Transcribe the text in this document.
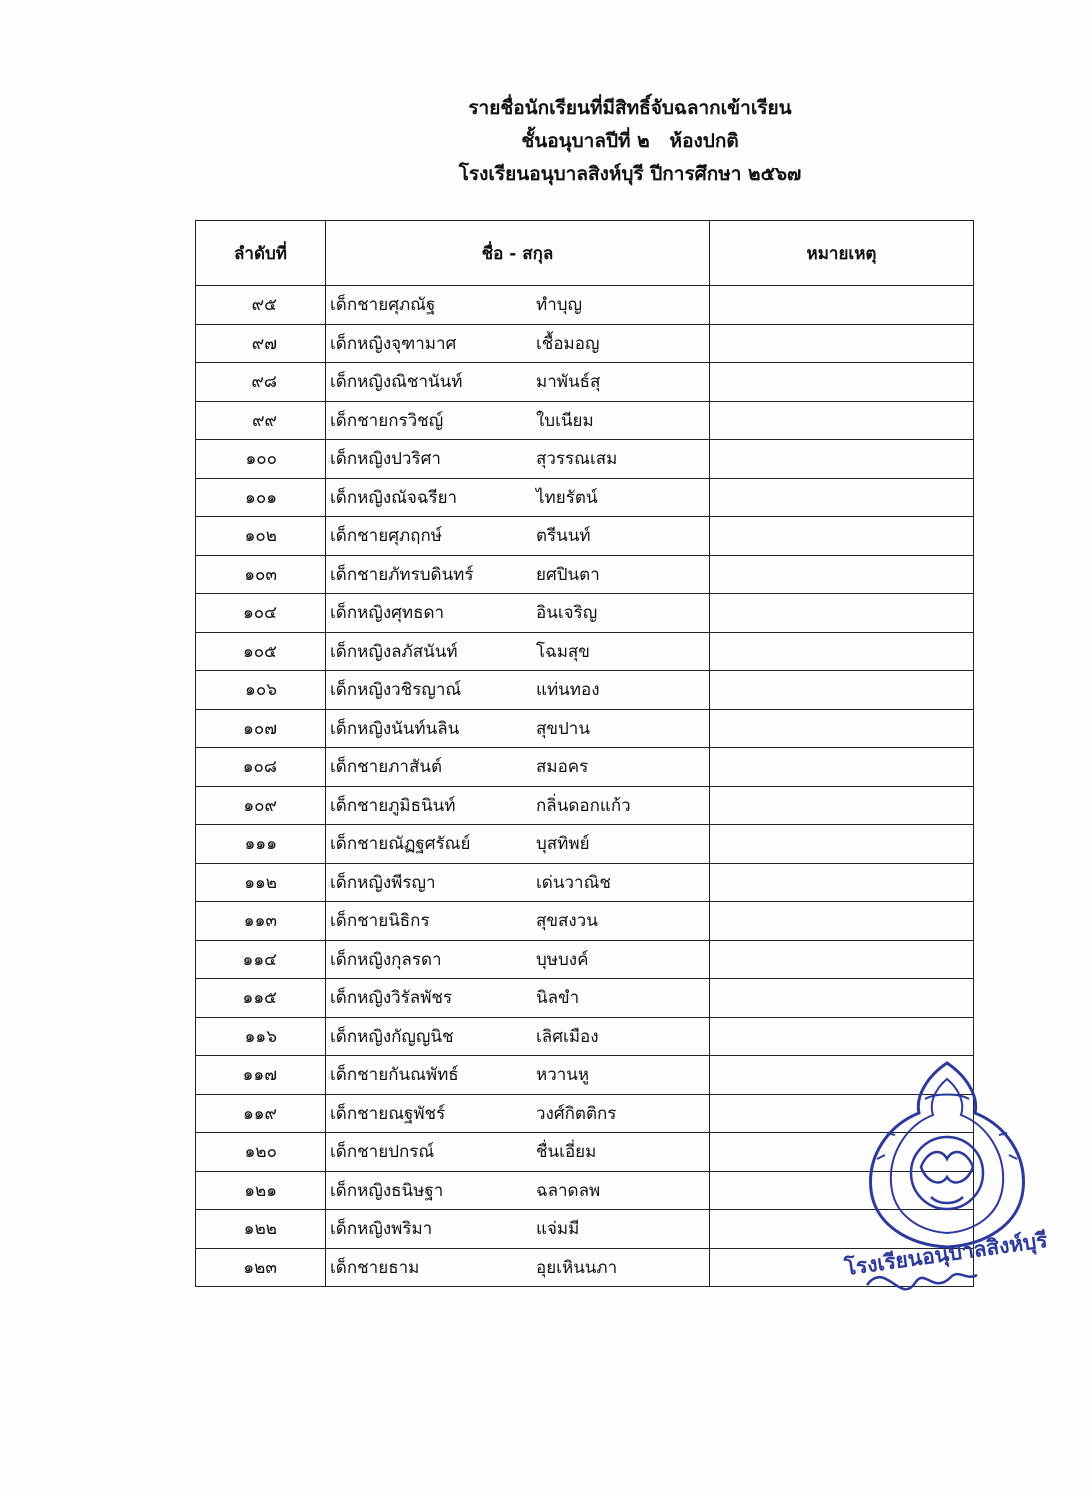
รายชื่อนักเรียนที่มีสิทธิ์จับฉลากเข้าเรียน
ชั้นอนุบาลปีที่ ๒   ห้องปกติ
โรงเรียนอนุบาลสิงห์บุรี ปีการศึกษา ๒๕๖๗
ลำดับที่	ชื่อ - สกุล	หมายเหตุ
๙๕	เด็กชายศุภณัฐ ทำบุญ	
๙๗	เด็กหญิงจุฑามาศ เชื้อมอญ	
๙๘	เด็กหญิงณิชานันท์ มาพันธ์สุ	
๙๙	เด็กชายกรวิชญ์ ใบเนียม	
๑๐๐	เด็กหญิงปวริศา สุวรรณเสม	
๑๐๑	เด็กหญิงณัจฉรียา ไทยรัตน์	
๑๐๒	เด็กชายศุภฤกษ์ ตรีนนท์	
๑๐๓	เด็กชายภัทรบดินทร์ ยศปินตา	
๑๐๔	เด็กหญิงศุทธดา อินเจริญ	
๑๐๕	เด็กหญิงลภัสนันท์ โฉมสุข	
๑๐๖	เด็กหญิงวชิรญาณ์ แท่นทอง	
๑๐๗	เด็กหญิงนันท์นลิน สุขปาน	
๑๐๘	เด็กชายภาสันต์ สมอคร	
๑๐๙	เด็กชายภูมิธนินท์ กลิ่นดอกแก้ว	
๑๑๑	เด็กชายณัฏฐศรัณย์ บุสทิพย์	
๑๑๒	เด็กหญิงพีรญา เด่นวาณิช	
๑๑๓	เด็กชายนิธิกร สุขสงวน	
๑๑๔	เด็กหญิงกุลรดา บุษบงค์	
๑๑๕	เด็กหญิงวิรัลพัชร นิลขำ	
๑๑๖	เด็กหญิงกัญญนิช เลิศเมือง	
๑๑๗	เด็กชายกันณพัทธ์ หวานหู	
๑๑๙	เด็กชายณฐพัชร์ วงศ์กิตติกร	
๑๒๐	เด็กชายปกรณ์ ชื่นเอี่ยม	
๑๒๑	เด็กหญิงธนิษฐา ฉลาดลพ	
๑๒๒	เด็กหญิงพริมา แจ่มมี	
๑๒๓	เด็กชายธาม อุยเหินนภา		โรงเรียนอนุบาลสิงห์บุรี
